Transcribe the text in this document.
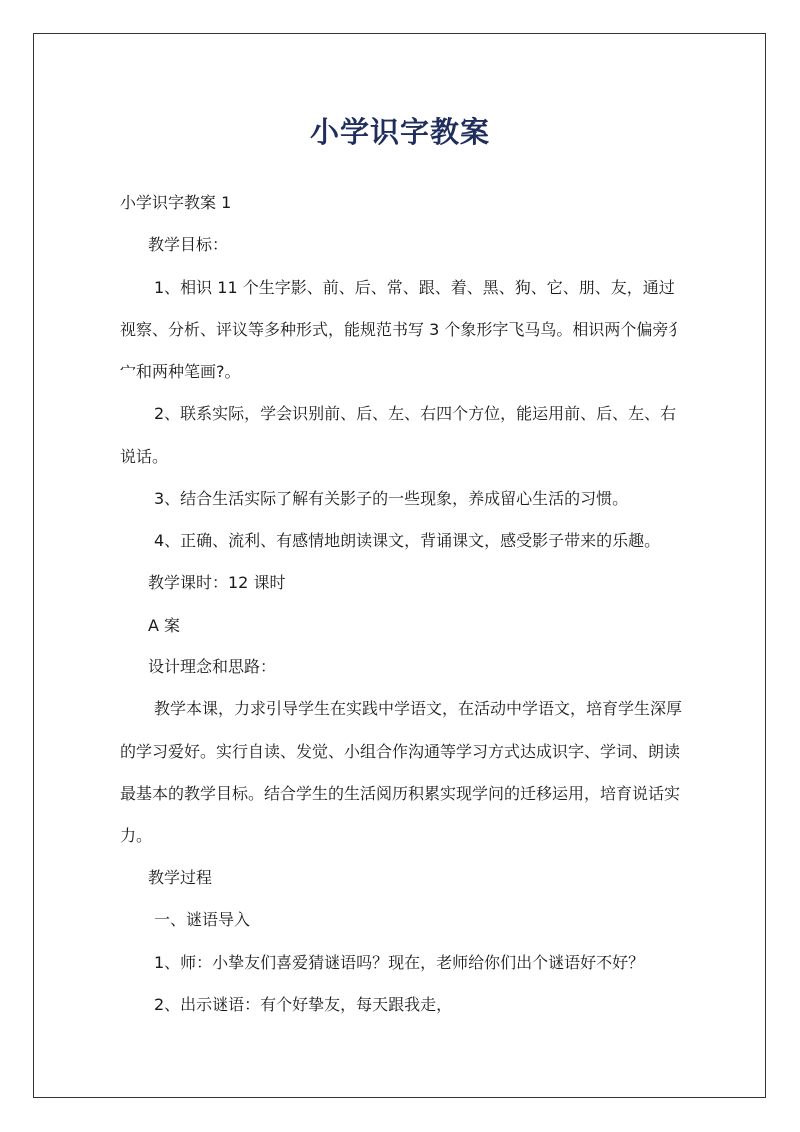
小学识字教案

小学识字教案 1

教学目标：

1、相识 11 个生字影、前、后、常、跟、着、黑、狗、它、朋、友，通过

视察、分析、评议等多种形式，能规范书写 3 个象形字飞马鸟。相识两个偏旁犭

宀和两种笔画?。

2、联系实际，学会识别前、后、左、右四个方位，能运用前、后、左、右

说话。

3、结合生活实际了解有关影子的一些现象，养成留心生活的习惯。

4、正确、流利、有感情地朗读课文，背诵课文，感受影子带来的乐趣。

教学课时：12 课时

A 案

设计理念和思路：

教学本课，力求引导学生在实践中学语文，在活动中学语文，培育学生深厚

的学习爱好。实行自读、发觉、小组合作沟通等学习方式达成识字、学词、朗读

最基本的教学目标。结合学生的生活阅历积累实现学问的迁移运用，培育说话实

力。

教学过程

一、谜语导入

1、师：小挚友们喜爱猜谜语吗？现在，老师给你们出个谜语好不好？

2、出示谜语：有个好挚友，每天跟我走，
